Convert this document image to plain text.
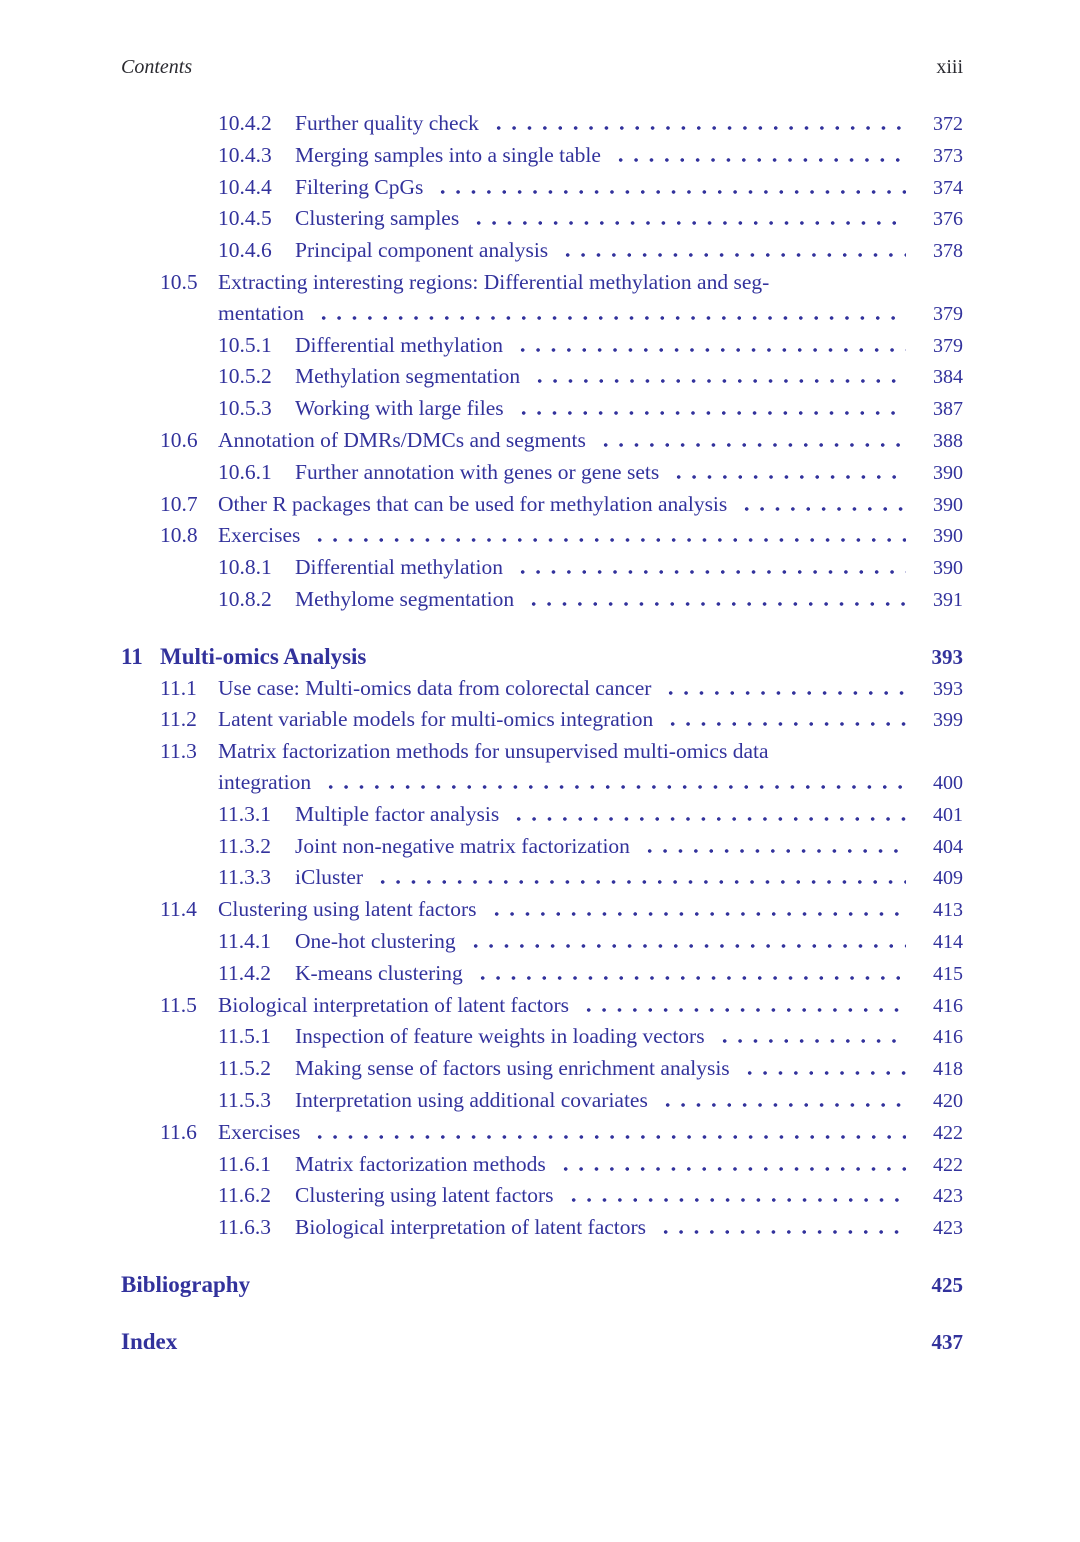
Contents	xiii
10.4.2	Further quality check	372
10.4.3	Merging samples into a single table	373
10.4.4	Filtering CpGs	374
10.4.5	Clustering samples	376
10.4.6	Principal component analysis	378
10.5 Extracting interesting regions: Differential methylation and seg-
mentation	379
10.5.1	Differential methylation	379
10.5.2	Methylation segmentation	384
10.5.3	Working with large files	387
10.6 Annotation of DMRs/DMCs and segments	388
10.6.1	Further annotation with genes or gene sets	390
10.7 Other R packages that can be used for methylation analysis	390
10.8 Exercises	390
10.8.1	Differential methylation	390
10.8.2	Methylome segmentation	391
11 Multi-omics Analysis	393
11.1 Use case: Multi-omics data from colorectal cancer	393
11.2 Latent variable models for multi-omics integration	399
11.3 Matrix factorization methods for unsupervised multi-omics data
integration	400
11.3.1	Multiple factor analysis	401
11.3.2	Joint non-negative matrix factorization	404
11.3.3	iCluster	409
11.4 Clustering using latent factors	413
11.4.1	One-hot clustering	414
11.4.2	K-means clustering	415
11.5 Biological interpretation of latent factors	416
11.5.1	Inspection of feature weights in loading vectors	416
11.5.2	Making sense of factors using enrichment analysis	418
11.5.3	Interpretation using additional covariates	420
11.6 Exercises	422
11.6.1	Matrix factorization methods	422
11.6.2	Clustering using latent factors	423
11.6.3	Biological interpretation of latent factors	423
Bibliography	425
Index	437
